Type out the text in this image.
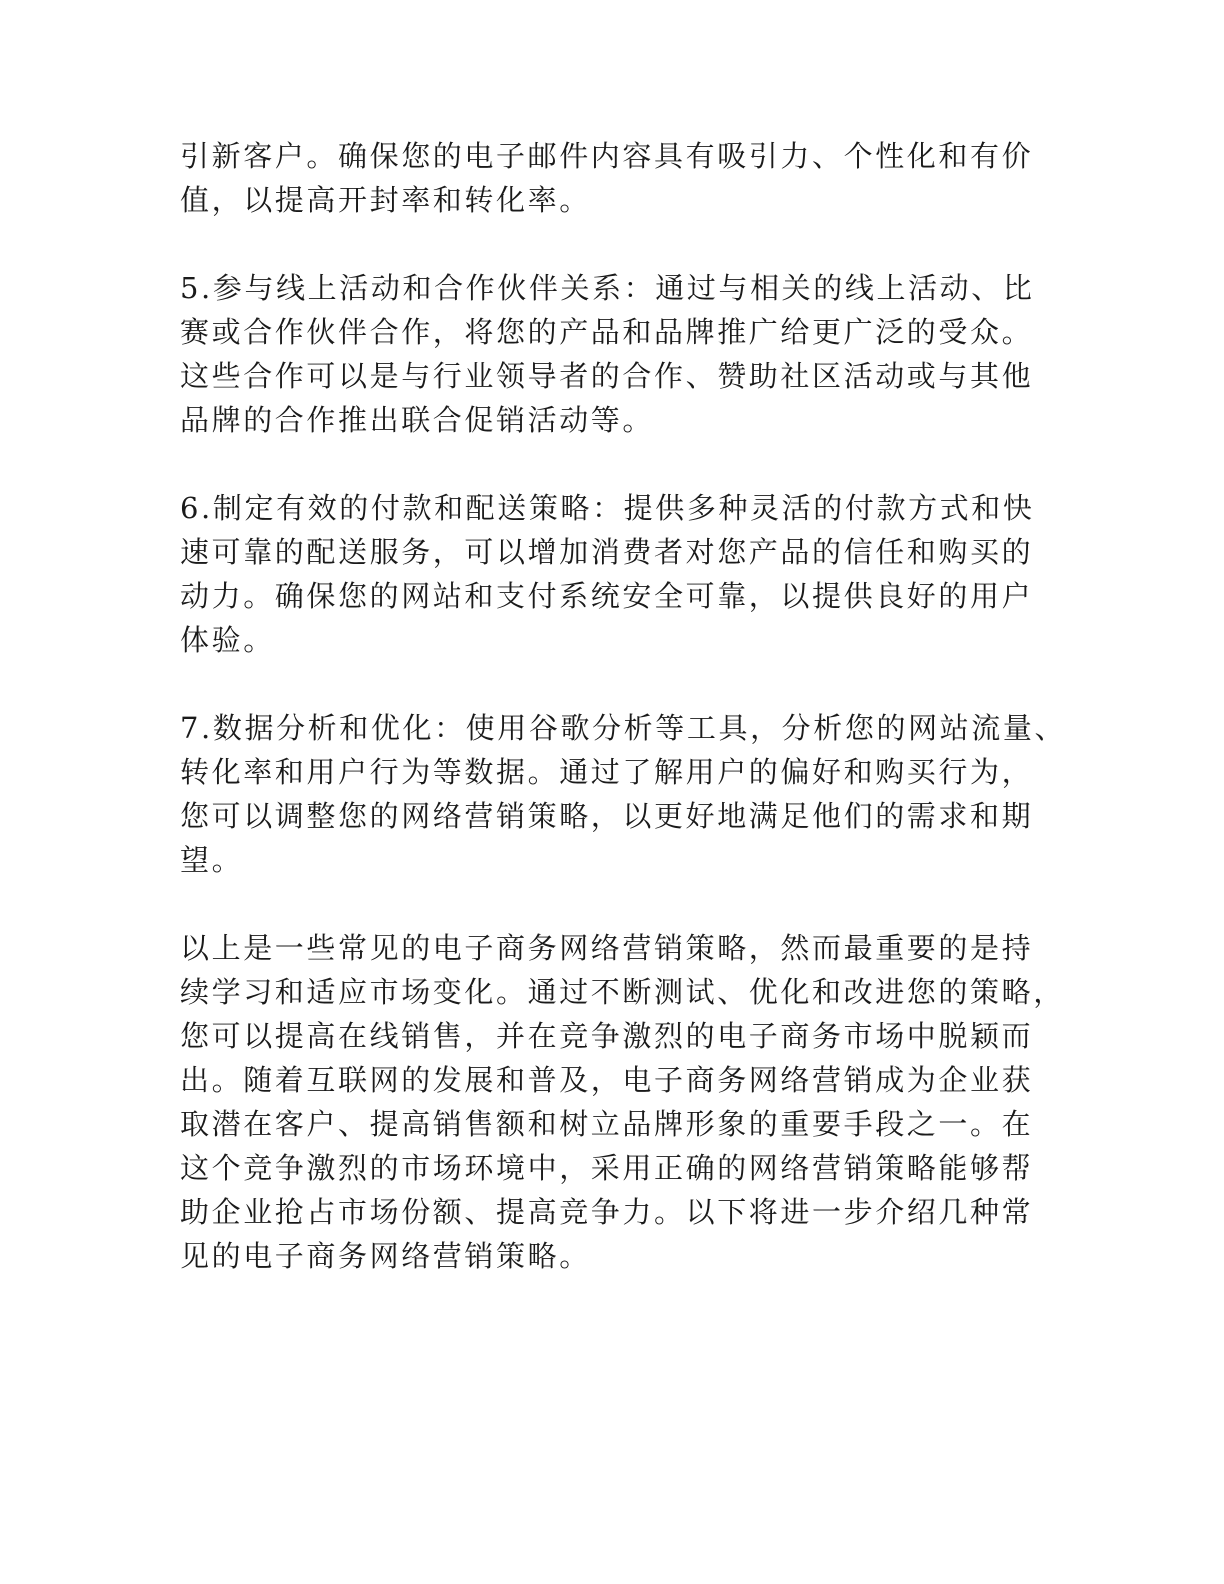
引新客户。确保您的电子邮件内容具有吸引力、个性化和有价
值，以提高开封率和转化率。

5.参与线上活动和合作伙伴关系：通过与相关的线上活动、比
赛或合作伙伴合作，将您的产品和品牌推广给更广泛的受众。
这些合作可以是与行业领导者的合作、赞助社区活动或与其他
品牌的合作推出联合促销活动等。

6.制定有效的付款和配送策略：提供多种灵活的付款方式和快
速可靠的配送服务，可以增加消费者对您产品的信任和购买的
动力。确保您的网站和支付系统安全可靠，以提供良好的用户
体验。

7.数据分析和优化：使用谷歌分析等工具，分析您的网站流量、
转化率和用户行为等数据。通过了解用户的偏好和购买行为，
您可以调整您的网络营销策略，以更好地满足他们的需求和期
望。

以上是一些常见的电子商务网络营销策略，然而最重要的是持
续学习和适应市场变化。通过不断测试、优化和改进您的策略，
您可以提高在线销售，并在竞争激烈的电子商务市场中脱颖而
出。随着互联网的发展和普及，电子商务网络营销成为企业获
取潜在客户、提高销售额和树立品牌形象的重要手段之一。在
这个竞争激烈的市场环境中，采用正确的网络营销策略能够帮
助企业抢占市场份额、提高竞争力。以下将进一步介绍几种常
见的电子商务网络营销策略。
